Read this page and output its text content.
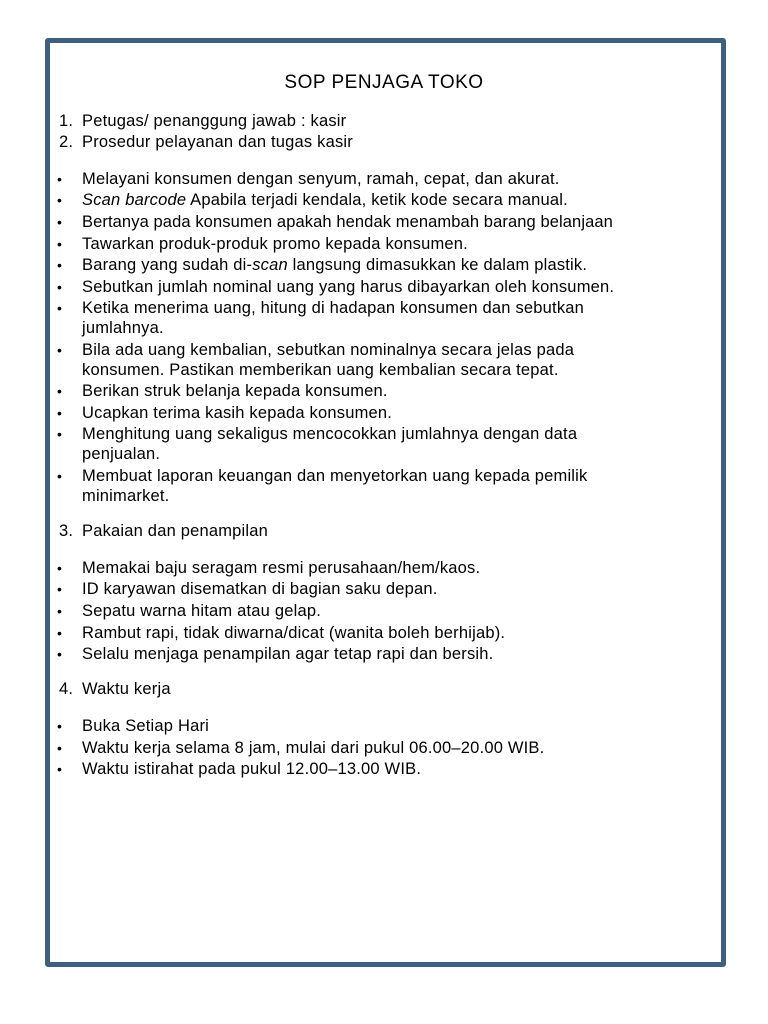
SOP PENJAGA TOKO
1. Petugas/ penanggung jawab : kasir
2. Prosedur pelayanan dan tugas kasir
• Melayani konsumen dengan senyum, ramah, cepat, dan akurat.
• Scan barcode Apabila terjadi kendala, ketik kode secara manual.
• Bertanya pada konsumen apakah hendak menambah barang belanjaan
• Tawarkan produk-produk promo kepada konsumen.
• Barang yang sudah di-scan langsung dimasukkan ke dalam plastik.
• Sebutkan jumlah nominal uang yang harus dibayarkan oleh konsumen.
• Ketika menerima uang, hitung di hadapan konsumen dan sebutkan
jumlahnya.
• Bila ada uang kembalian, sebutkan nominalnya secara jelas pada
konsumen. Pastikan memberikan uang kembalian secara tepat.
• Berikan struk belanja kepada konsumen.
• Ucapkan terima kasih kepada konsumen.
• Menghitung uang sekaligus mencocokkan jumlahnya dengan data
penjualan.
• Membuat laporan keuangan dan menyetorkan uang kepada pemilik
minimarket.
3. Pakaian dan penampilan
• Memakai baju seragam resmi perusahaan/hem/kaos.
• ID karyawan disematkan di bagian saku depan.
• Sepatu warna hitam atau gelap.
• Rambut rapi, tidak diwarna/dicat (wanita boleh berhijab).
• Selalu menjaga penampilan agar tetap rapi dan bersih.
4. Waktu kerja
• Buka Setiap Hari
• Waktu kerja selama 8 jam, mulai dari pukul 06.00–20.00 WIB.
• Waktu istirahat pada pukul 12.00–13.00 WIB.
